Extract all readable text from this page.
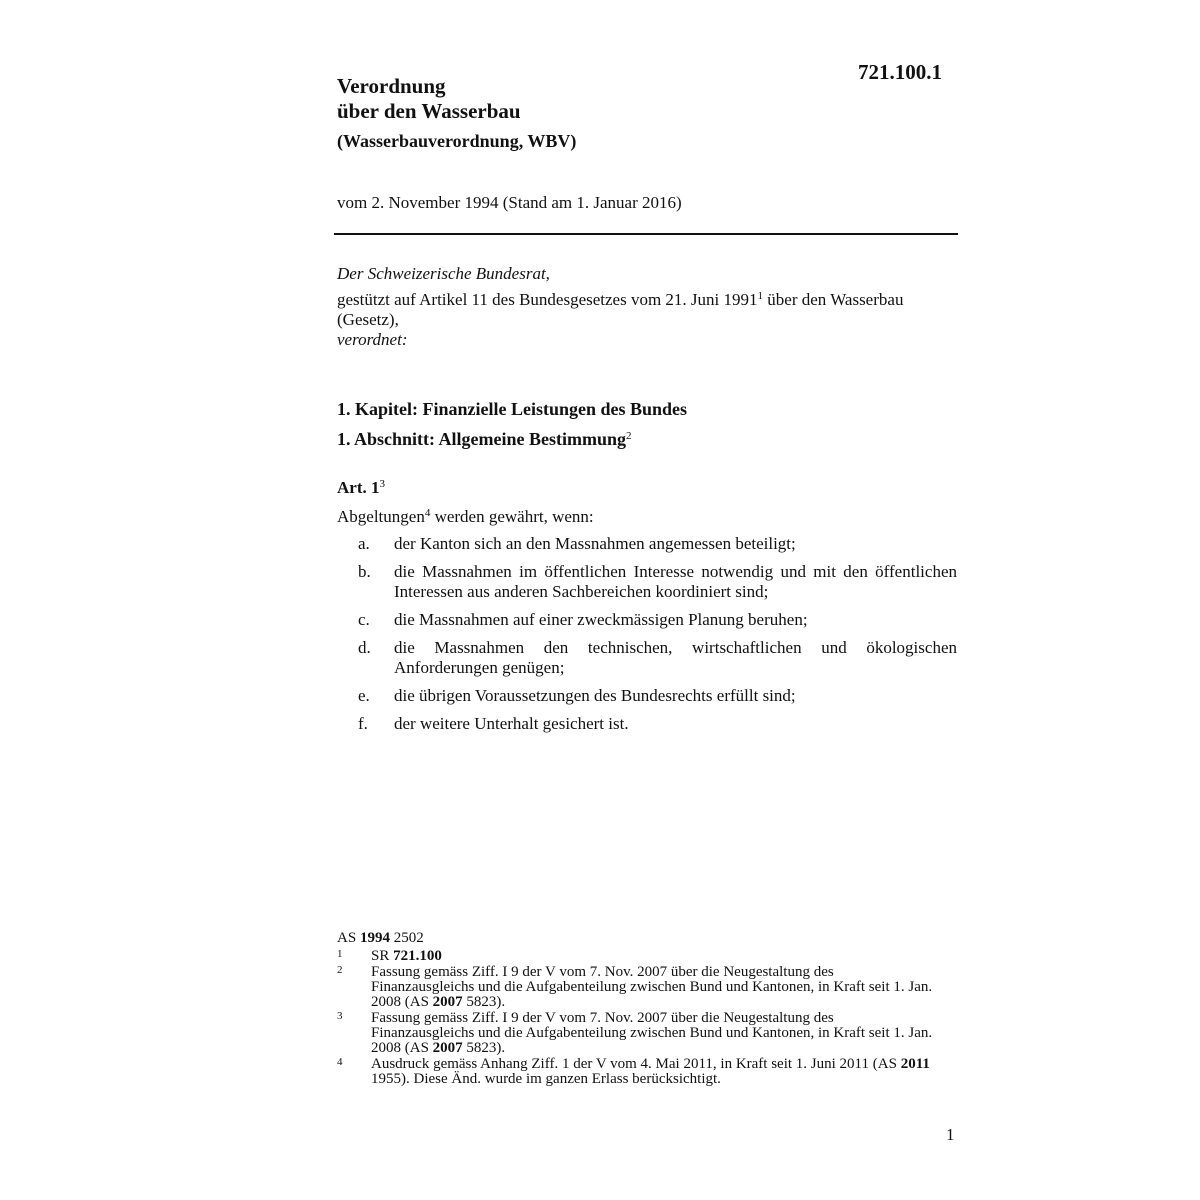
721.100.1
Verordnung
über den Wasserbau
(Wasserbauverordnung, WBV)
vom 2. November 1994 (Stand am 1. Januar 2016)
Der Schweizerische Bundesrat,
gestützt auf Artikel 11 des Bundesgesetzes vom 21. Juni 1991$^1$ über den Wasserbau (Gesetz),
verordnet:
1. Kapitel: Finanzielle Leistungen des Bundes
1. Abschnitt: Allgemeine Bestimmung$^2$
Art. $1^3$
Abgeltungen$^4$ werden gewährt, wenn:
a. der Kanton sich an den Massnahmen angemessen beteiligt;
b. die Massnahmen im öffentlichen Interesse notwendig und mit den öffentlichen Interessen aus anderen Sachbereichen koordiniert sind;
c. die Massnahmen auf einer zweckmässigen Planung beruhen;
d. die Massnahmen den technischen, wirtschaftlichen und ökologischen Anforderungen genügen;
e. die übrigen Voraussetzungen des Bundesrechts erfüllt sind;
f. der weitere Unterhalt gesichert ist.
AS 1994 2502
1 SR 721.100
2 Fassung gemäss Ziff. I 9 der V vom 7. Nov. 2007 über die Neugestaltung des Finanzausgleichs und die Aufgabenteilung zwischen Bund und Kantonen, in Kraft seit 1. Jan. 2008 (AS 2007 5823).
3 Fassung gemäss Ziff. I 9 der V vom 7. Nov. 2007 über die Neugestaltung des Finanzausgleichs und die Aufgabenteilung zwischen Bund und Kantonen, in Kraft seit 1. Jan. 2008 (AS 2007 5823).
4 Ausdruck gemäss Anhang Ziff. 1 der V vom 4. Mai 2011, in Kraft seit 1. Juni 2011 (AS 2011 1955). Diese Änd. wurde im ganzen Erlass berücksichtigt.
1
